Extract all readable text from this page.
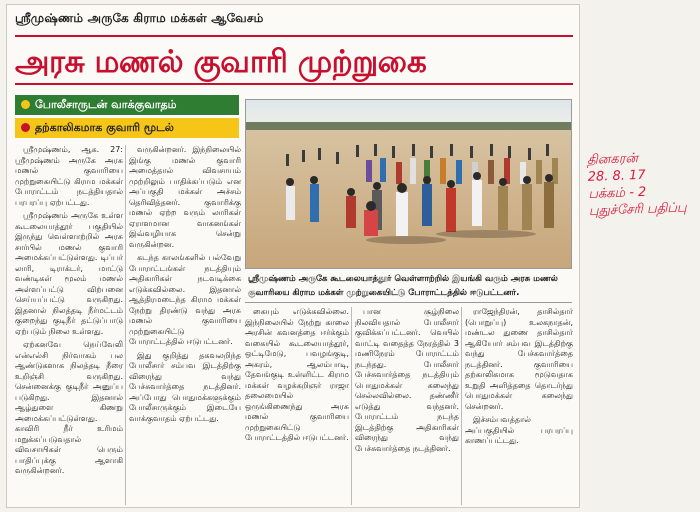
ஸ்ரீமுஷ்ணம் அருகே கிராம மக்கள் ஆவேசம்
அரசு மணல் குவாரி முற்றுகை
போலீசாருடன் வாக்குவாதம்
தற்காலிகமாக குவாரி மூடல்
ஸ்ரீமுஷ்ணம் அருகே கூடலையாத்தூர் வெள்ளாற்றில் இயங்கி வரும் அரசு மணல் குவாரியை கிராம மக்கள் முற்றுகையிட்டு போராட்டத்தில் ஈடுபட்டனர்.

ஸ்ரீமுஷ்ணம், ஆக. 27: ஸ்ரீமுஷ்ணம் அருகே அரசு மணல் குவாரியை முற்றுகையிட்டு கிராம மக்கள் போராட்டம் நடத்தியதால் பரபரப்பு ஏற்பட்டது.

ஸ்ரீமுஷ்ணம் அருகே உள்ள கூடலையாத்தூர் பகுதியில் இருந்து வெள்ளாற்றில் அரசு சார்பில் மணல் குவாரி அமைக்கப்பட்டுள்ளது. டிப்பர் லாரி, டிராக்டர், மாட்டு வண்டிகள் மூலம் மணல் அள்ளப்பட்டு விற்பனை செய்யப்பட்டு வருகிறது. இதனால் நிலத்தடி நீர்மட்டம் குறைந்து குடிநீர் தட்டுப்பாடு ஏற்படும் நிலை உள்ளது.

ஏற்கனவே நெய்வேலி என்எல்சி நிர்வாகம் பல ஆண்டுகளாக நிலத்தடி நீரை உறிஞ்சி வருகிறது. சென்னைக்கு குடிநீர் அனுப்ப படுகிறது. இதனால் ஆழ்துளை கிணறு அமைக்கப்பட்டுள்ளது. காவிரி நீர் உரிமம் மறுக்கப்படுவதால் விவசாயிகள் பெரும் பாதிப்புக்கு ஆளாகி வருகின்றனர்.

வருகின்றனர். இந்நிலையில் இங்கு மணல் குவாரி அமைத்தால் விவசாயம் முற்றிலும் பாதிக்கப்படும் என அப்பகுதி மக்கள் அச்சம் தெரிவித்தனர். குவாரிக்கு மணல் ஏற்ற வரும் லாரிகள் ஏராளமான வாகனங்கள் இவ்வழியாக சென்று வருகின்றன.

கடந்த காலங்களில் பல்வேறு போராட்டங்கள் நடத்தியும் அதிகாரிகள் நடவடிக்கை எடுக்கவில்லை. இதனால் ஆத்திரமடைந்த கிராம மக்கள் நேற்று திரண்டு வந்து அரசு மணல் குவாரியை முற்றுகையிட்டு போராட்டத்தில் ஈடுபட்டனர்.

இது குறித்து தகவலறிந்த போலீசார் சம்பவ இடத்திற்கு விரைந்து வந்து பேச்சுவார்த்தை நடத்தினர். அப்போது பொதுமக்களுக்கும் போலீசாருக்கும் இடையே வாக்குவாதம் ஏற்பட்டது.

கையும் எடுக்கவில்லை. இந்நிலையில் நேற்று காலை அரசின் கவனத்தை ஈர்க்கும் வகையில் கூடலையாத்தூர், ஒட்டிமேடு, பவழங்குடி, அகரம், ஆலம்பாடி, தேவங்குடி உள்ளிட்ட கிராம மக்கள் வழக்கறிஞர் ராஜா தலைமையில் ஒருங்கிணைந்து அரசு மணல் குவாரியை முற்றுகையிட்டு போராட்டத்தில் ஈடுபட்டனர்.

பான சூழ்நிலை நிலவியதால் போலீசார் குவிக்கப்பட்டனர். வெயில் வாட்டி வதைத்த நேரத்தில் 3 மணிநேரம் போராட்டம் நடந்தது. போலீசார் பேச்சுவார்த்தை நடத்தியும் பொதுமக்கள் கலைந்து செல்லவில்லை. தண்ணீர் எடுத்து வந்தனர். போராட்டம் நடந்த இடத்திற்கு அதிகாரிகள் விரைந்து வந்து பேச்சுவார்த்தை நடத்தினர்.

ராஜேந்திரன், தாசில்தார் (பொறுப்பு) உலகநாதன், மண்டல துணை தாசில்தார் ஆகியோர் சம்பவ இடத்திற்கு வந்து பேச்சுவார்த்தை நடத்தினர். குவாரியை தற்காலிகமாக மூடுவதாக உறுதி அளித்ததை தொடர்ந்து பொதுமக்கள் கலைந்து சென்றனர்.

இச்சம்பவத்தால் அப்பகுதியில் பரபரப்பு காணப்பட்டது.

தினகரன்
28. 8. 17
பக்கம் - 2
புதுச்சேரி பதிப்பு
